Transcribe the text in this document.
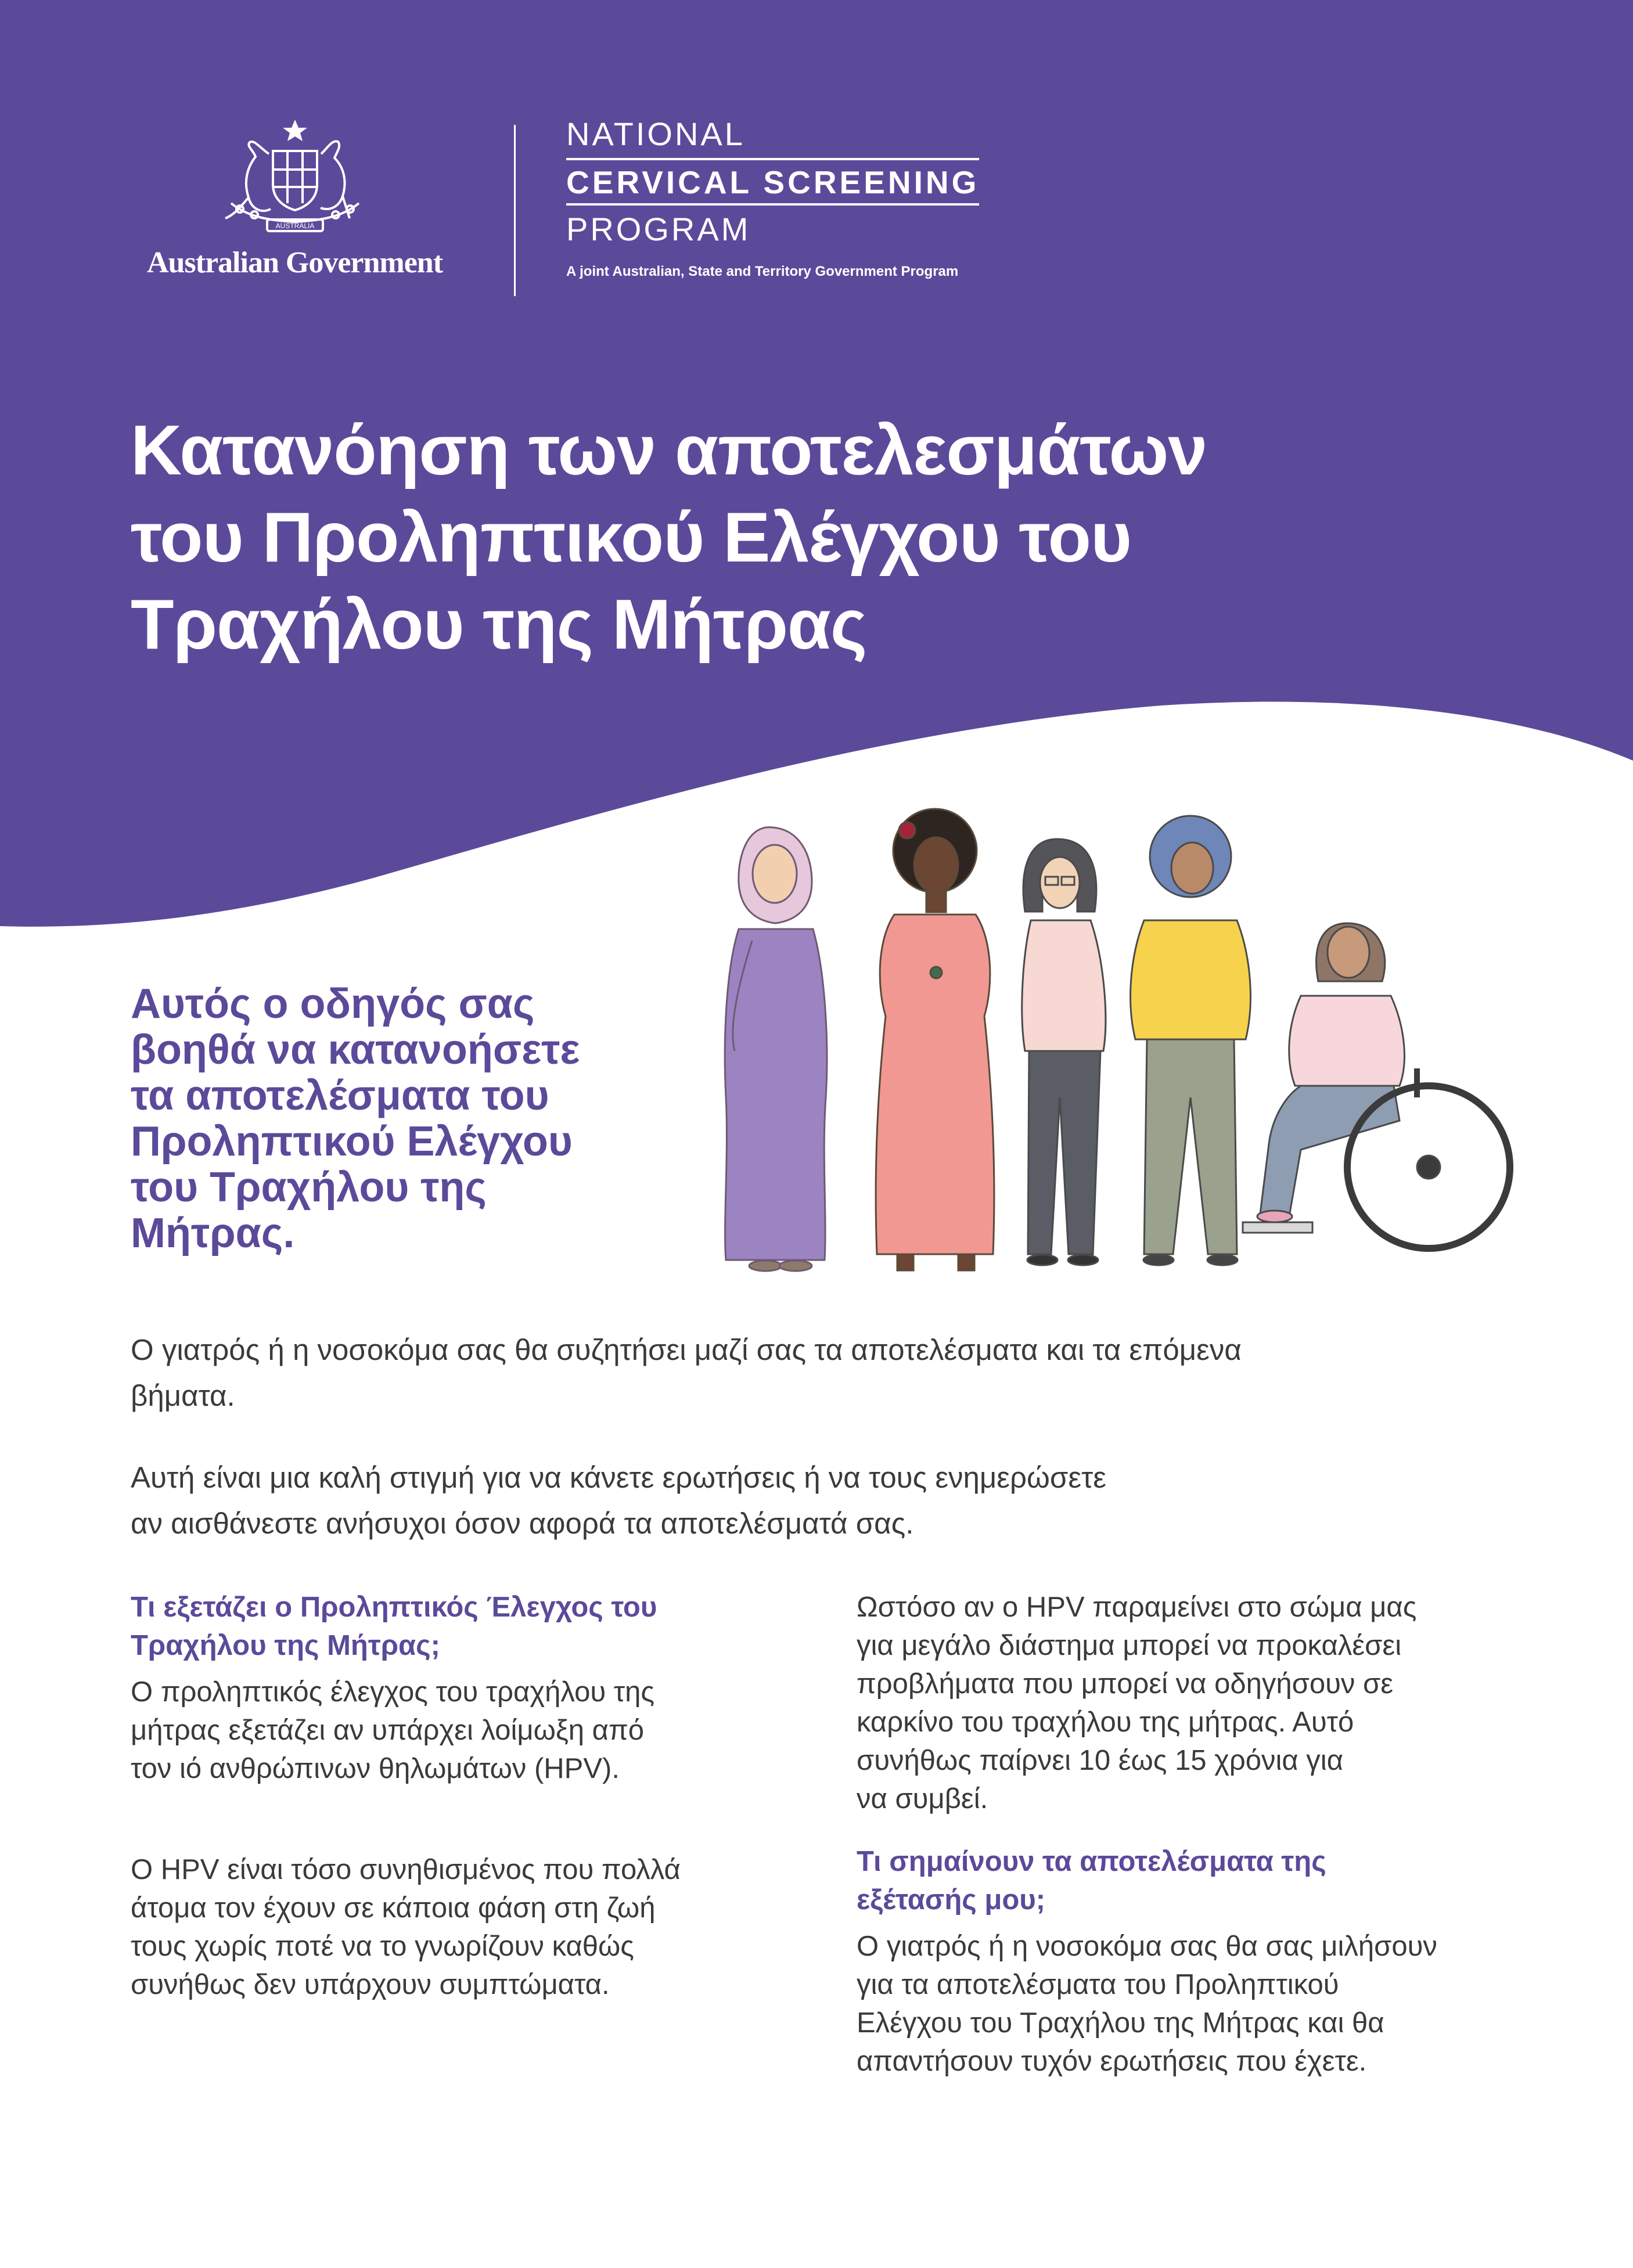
AUSTRALIA
Australian Government
NATIONAL
CERVICAL SCREENING
PROGRAM
A joint Australian, State and Territory Government Program
Κατανόηση των αποτελεσμάτων
του Προληπτικού Ελέγχου του
Τραχήλου της Μήτρας
Αυτός ο οδηγός σας
βοηθά να κατανοήσετε
τα αποτελέσματα του
Προληπτικού Ελέγχου
του Τραχήλου της
Μήτρας.

Ο γιατρός ή η νοσοκόμα σας θα συζητήσει μαζί σας τα αποτελέσματα και τα επόμενα
βήματα.

Αυτή είναι μια καλή στιγμή για να κάνετε ερωτήσεις ή να τους ενημερώσετε
αν αισθάνεστε ανήσυχοι όσον αφορά τα αποτελέσματά σας.

Τι εξετάζει ο Προληπτικός Έλεγχος του
Τραχήλου της Μήτρας;

Ο προληπτικός έλεγχος του τραχήλου της
μήτρας εξετάζει αν υπάρχει λοίμωξη από
τον ιό ανθρώπινων θηλωμάτων (HPV).

Ο HPV είναι τόσο συνηθισμένος που πολλά
άτομα τον έχουν σε κάποια φάση στη ζωή
τους χωρίς ποτέ να το γνωρίζουν καθώς
συνήθως δεν υπάρχουν συμπτώματα.

Ωστόσο αν ο HPV παραμείνει στο σώμα μας
για μεγάλο διάστημα μπορεί να προκαλέσει
προβλήματα που μπορεί να οδηγήσουν σε
καρκίνο του τραχήλου της μήτρας. Αυτό
συνήθως παίρνει 10 έως 15 χρόνια για
να συμβεί.

Τι σημαίνουν τα αποτελέσματα της
εξέτασής μου;

Ο γιατρός ή η νοσοκόμα σας θα σας μιλήσουν
για τα αποτελέσματα του Προληπτικού
Ελέγχου του Τραχήλου της Μήτρας και θα
απαντήσουν τυχόν ερωτήσεις που έχετε.
